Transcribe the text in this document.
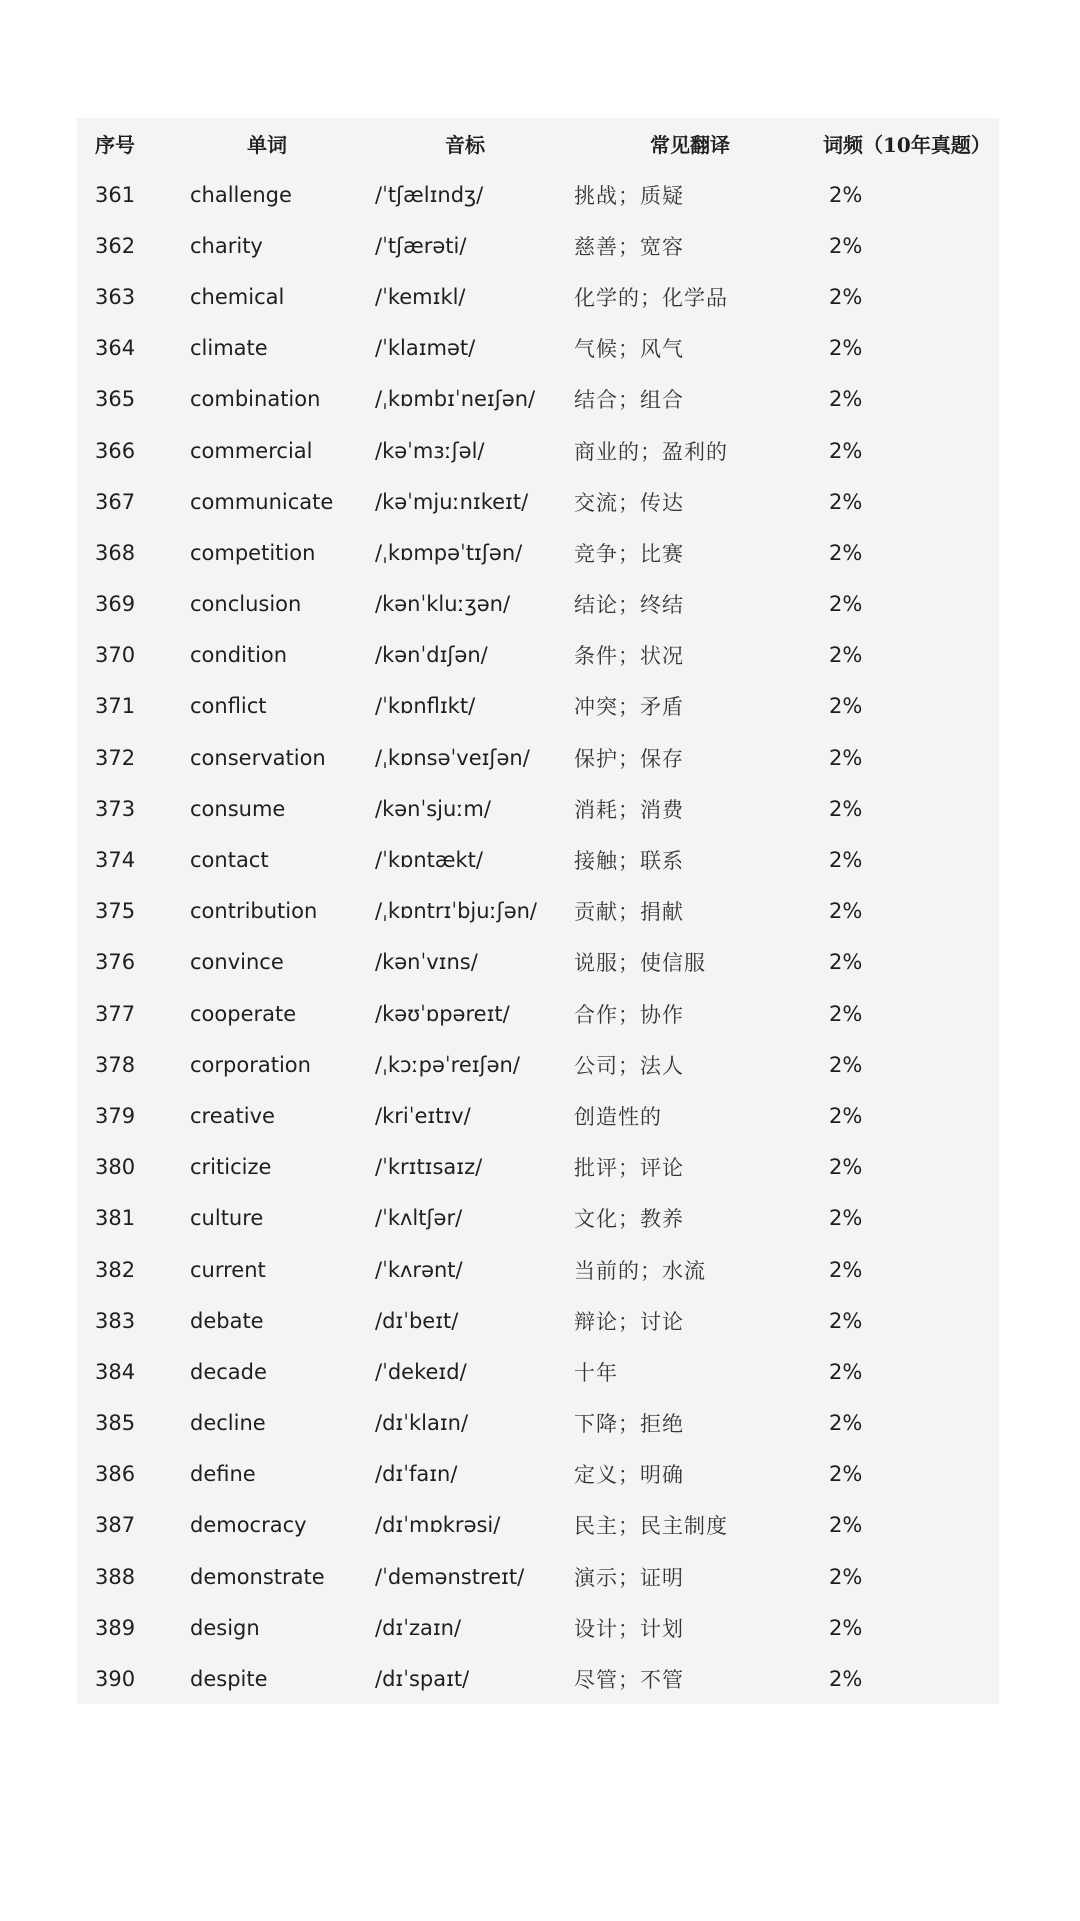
序号	单词	音标	常见翻译	词频（10年真题）
361	challenge	/ˈtʃælɪndʒ/	挑战；质疑	2%
362	charity	/ˈtʃærəti/	慈善；宽容	2%
363	chemical	/ˈkemɪkl/	化学的；化学品	2%
364	climate	/ˈklaɪmət/	气候；风气	2%
365	combination	/ˌkɒmbɪˈneɪʃən/	结合；组合	2%
366	commercial	/kəˈmɜːʃəl/	商业的；盈利的	2%
367	communicate	/kəˈmjuːnɪkeɪt/	交流；传达	2%
368	competition	/ˌkɒmpəˈtɪʃən/	竞争；比赛	2%
369	conclusion	/kənˈkluːʒən/	结论；终结	2%
370	condition	/kənˈdɪʃən/	条件；状况	2%
371	conflict	/ˈkɒnflɪkt/	冲突；矛盾	2%
372	conservation	/ˌkɒnsəˈveɪʃən/	保护；保存	2%
373	consume	/kənˈsjuːm/	消耗；消费	2%
374	contact	/ˈkɒntækt/	接触；联系	2%
375	contribution	/ˌkɒntrɪˈbjuːʃən/	贡献；捐献	2%
376	convince	/kənˈvɪns/	说服；使信服	2%
377	cooperate	/kəʊˈɒpəreɪt/	合作；协作	2%
378	corporation	/ˌkɔːpəˈreɪʃən/	公司；法人	2%
379	creative	/kriˈeɪtɪv/	创造性的	2%
380	criticize	/ˈkrɪtɪsaɪz/	批评；评论	2%
381	culture	/ˈkʌltʃər/	文化；教养	2%
382	current	/ˈkʌrənt/	当前的；水流	2%
383	debate	/dɪˈbeɪt/	辩论；讨论	2%
384	decade	/ˈdekeɪd/	十年	2%
385	decline	/dɪˈklaɪn/	下降；拒绝	2%
386	define	/dɪˈfaɪn/	定义；明确	2%
387	democracy	/dɪˈmɒkrəsi/	民主；民主制度	2%
388	demonstrate	/ˈdemənstreɪt/	演示；证明	2%
389	design	/dɪˈzaɪn/	设计；计划	2%
390	despite	/dɪˈspaɪt/	尽管；不管	2%
